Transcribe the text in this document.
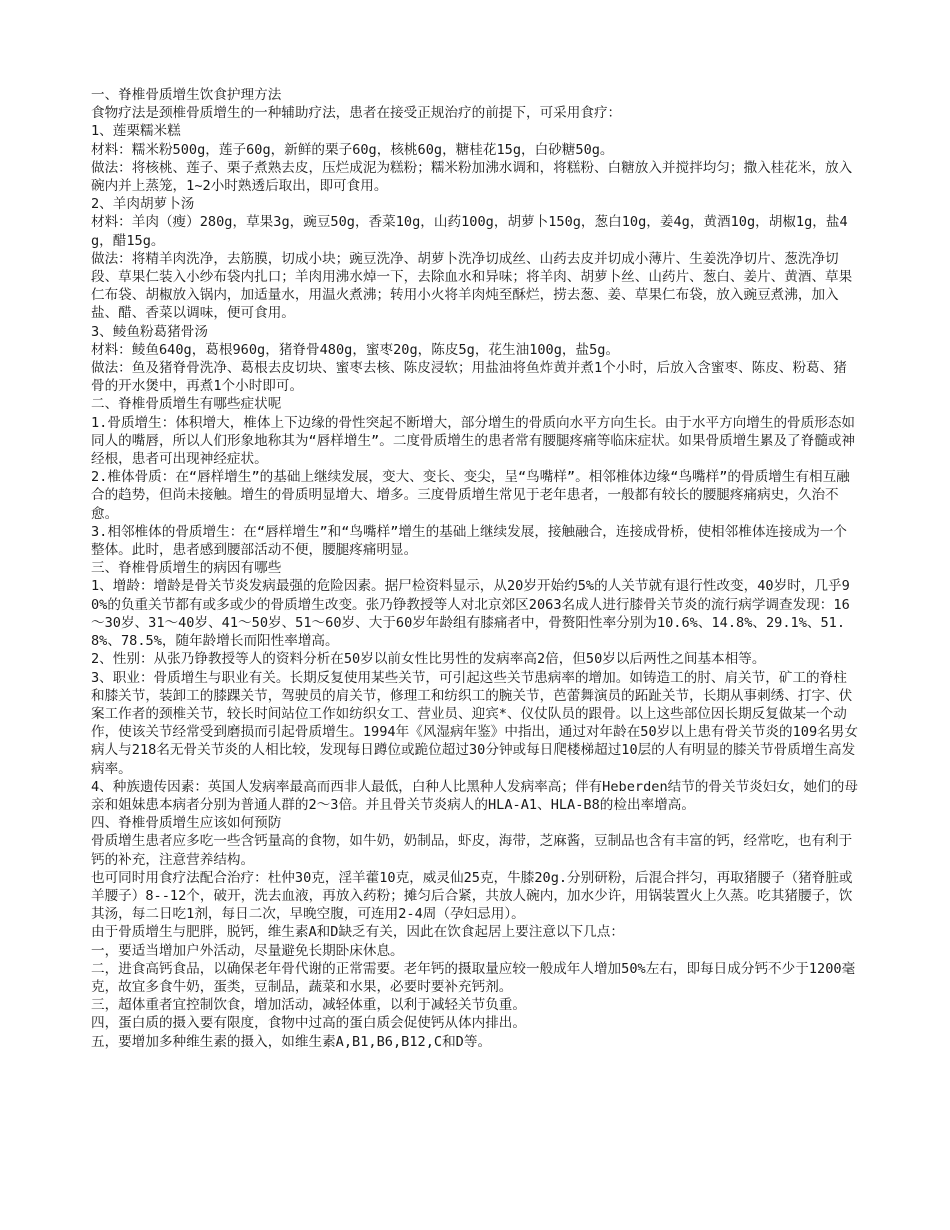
一、脊椎骨质增生饮食护理方法
食物疗法是颈椎骨质增生的一种辅助疗法，患者在接受正规治疗的前提下，可采用食疗：
1、莲栗糯米糕
材料：糯米粉500g，莲子60g，新鲜的栗子60g，核桃60g，糖桂花15g，白砂糖50g。
做法：将核桃、莲子、栗子煮熟去皮，压烂成泥为糕粉；糯米粉加沸水调和，将糕粉、白糖放入并搅拌均匀；撒入桂花米，放入碗内并上蒸笼，1~2小时熟透后取出，即可食用。
2、羊肉胡萝卜汤
材料：羊肉（瘦）280g，草果3g，豌豆50g，香菜10g，山药100g，胡萝卜150g，葱白10g，姜4g，黄酒10g，胡椒1g，盐4g，醋15g。
做法：将精羊肉洗净，去筋膜，切成小块；豌豆洗净、胡萝卜洗净切成丝、山药去皮并切成小薄片、生姜洗净切片、葱洗净切段、草果仁装入小纱布袋内扎口；羊肉用沸水焯一下，去除血水和异味；将羊肉、胡萝卜丝、山药片、葱白、姜片、黄酒、草果仁布袋、胡椒放入锅内，加适量水，用温火煮沸；转用小火将羊肉炖至酥烂，捞去葱、姜、草果仁布袋，放入豌豆煮沸，加入盐、醋、香菜以调味，便可食用。
3、鲮鱼粉葛猪骨汤
材料：鲮鱼640g，葛根960g，猪脊骨480g，蜜枣20g，陈皮5g，花生油100g，盐5g。
做法：鱼及猪脊骨洗净、葛根去皮切块、蜜枣去核、陈皮浸软；用盐油将鱼炸黄并煮1个小时，后放入含蜜枣、陈皮、粉葛、猪骨的开水煲中，再煮1个小时即可。
二、脊椎骨质增生有哪些症状呢
1.骨质增生：体积增大，椎体上下边缘的骨性突起不断增大，部分增生的骨质向水平方向生长。由于水平方向增生的骨质形态如同人的嘴唇，所以人们形象地称其为“唇样增生”。二度骨质增生的患者常有腰腿疼痛等临床症状。如果骨质增生累及了脊髓或神经根，患者可出现神经症状。
2.椎体骨质：在“唇样增生”的基础上继续发展，变大、变长、变尖，呈“鸟嘴样”。相邻椎体边缘“鸟嘴样”的骨质增生有相互融合的趋势，但尚未接触。增生的骨质明显增大、增多。三度骨质增生常见于老年患者，一般都有较长的腰腿疼痛病史，久治不愈。
3.相邻椎体的骨质增生：在“唇样增生”和“鸟嘴样”增生的基础上继续发展，接触融合，连接成骨桥，使相邻椎体连接成为一个整体。此时，患者感到腰部活动不便，腰腿疼痛明显。
三、脊椎骨质增生的病因有哪些
1、增龄：增龄是骨关节炎发病最强的危险因素。据尸检资料显示，从20岁开始约5%的人关节就有退行性改变，40岁时，几乎90%的负重关节都有或多或少的骨质增生改变。张乃铮教授等人对北京郊区2063名成人进行膝骨关节炎的流行病学调查发现：16～30岁、31～40岁、41～50岁、51～60岁、大于60岁年龄组有膝痛者中，骨赘阳性率分别为10.6%、14.8%、29.1%、51.8%、78.5%，随年龄增长而阳性率增高。
2、性别：从张乃铮教授等人的资料分析在50岁以前女性比男性的发病率高2倍，但50岁以后两性之间基本相等。
3、职业：骨质增生与职业有关。长期反复使用某些关节，可引起这些关节患病率的增加。如铸造工的肘、肩关节，矿工的脊柱和膝关节，装卸工的膝踝关节，驾驶员的肩关节，修理工和纺织工的腕关节，芭蕾舞演员的跖趾关节，长期从事刺绣、打字、伏案工作者的颈椎关节，较长时间站位工作如纺织女工、营业员、迎宾*、仪仗队员的跟骨。以上这些部位因长期反复做某一个动作，使该关节经常受到磨损而引起骨质增生。1994年《风湿病年鉴》中指出，通过对年龄在50岁以上患有骨关节炎的109名男女病人与218名无骨关节炎的人相比较，发现每日蹲位或跪位超过30分钟或每日爬楼梯超过10层的人有明显的膝关节骨质增生高发病率。
4、种族遗传因素：英国人发病率最高而西非人最低，白种人比黑种人发病率高；伴有Heberden结节的骨关节炎妇女，她们的母亲和姐妹患本病者分别为普通人群的2～3倍。并且骨关节炎病人的HLA-A1、HLA-B8的检出率增高。
四、脊椎骨质增生应该如何预防
骨质增生患者应多吃一些含钙量高的食物，如牛奶，奶制品，虾皮，海带，芝麻酱，豆制品也含有丰富的钙，经常吃，也有利于钙的补充，注意营养结构。
也可同时用食疗法配合治疗：杜仲30克，淫羊藿10克，威灵仙25克，牛膝20g.分别研粉，后混合拌匀，再取猪腰子（猪脊脏或羊腰子）8--12个，破开，洗去血液，再放入药粉；摊匀后合紧，共放人碗内，加水少许，用锅装置火上久蒸。吃其猪腰子，饮其汤，每二日吃1剂，每日二次，早晚空腹，可连用2-4周（孕妇忌用）。
由于骨质增生与肥胖，脱钙，维生素A和D缺乏有关，因此在饮食起居上要注意以下几点：
一，要适当增加户外活动，尽量避免长期卧床休息。
二，进食高钙食品，以确保老年骨代谢的正常需要。老年钙的摄取量应较一般成年人增加50%左右，即每日成分钙不少于1200毫克，故宜多食牛奶，蛋类，豆制品，蔬菜和水果，必要时要补充钙剂。
三，超体重者宜控制饮食，增加活动，减轻体重，以利于减轻关节负重。
四，蛋白质的摄入要有限度，食物中过高的蛋白质会促使钙从体内排出。
五，要增加多种维生素的摄入，如维生素A,B1,B6,B12,C和D等。
